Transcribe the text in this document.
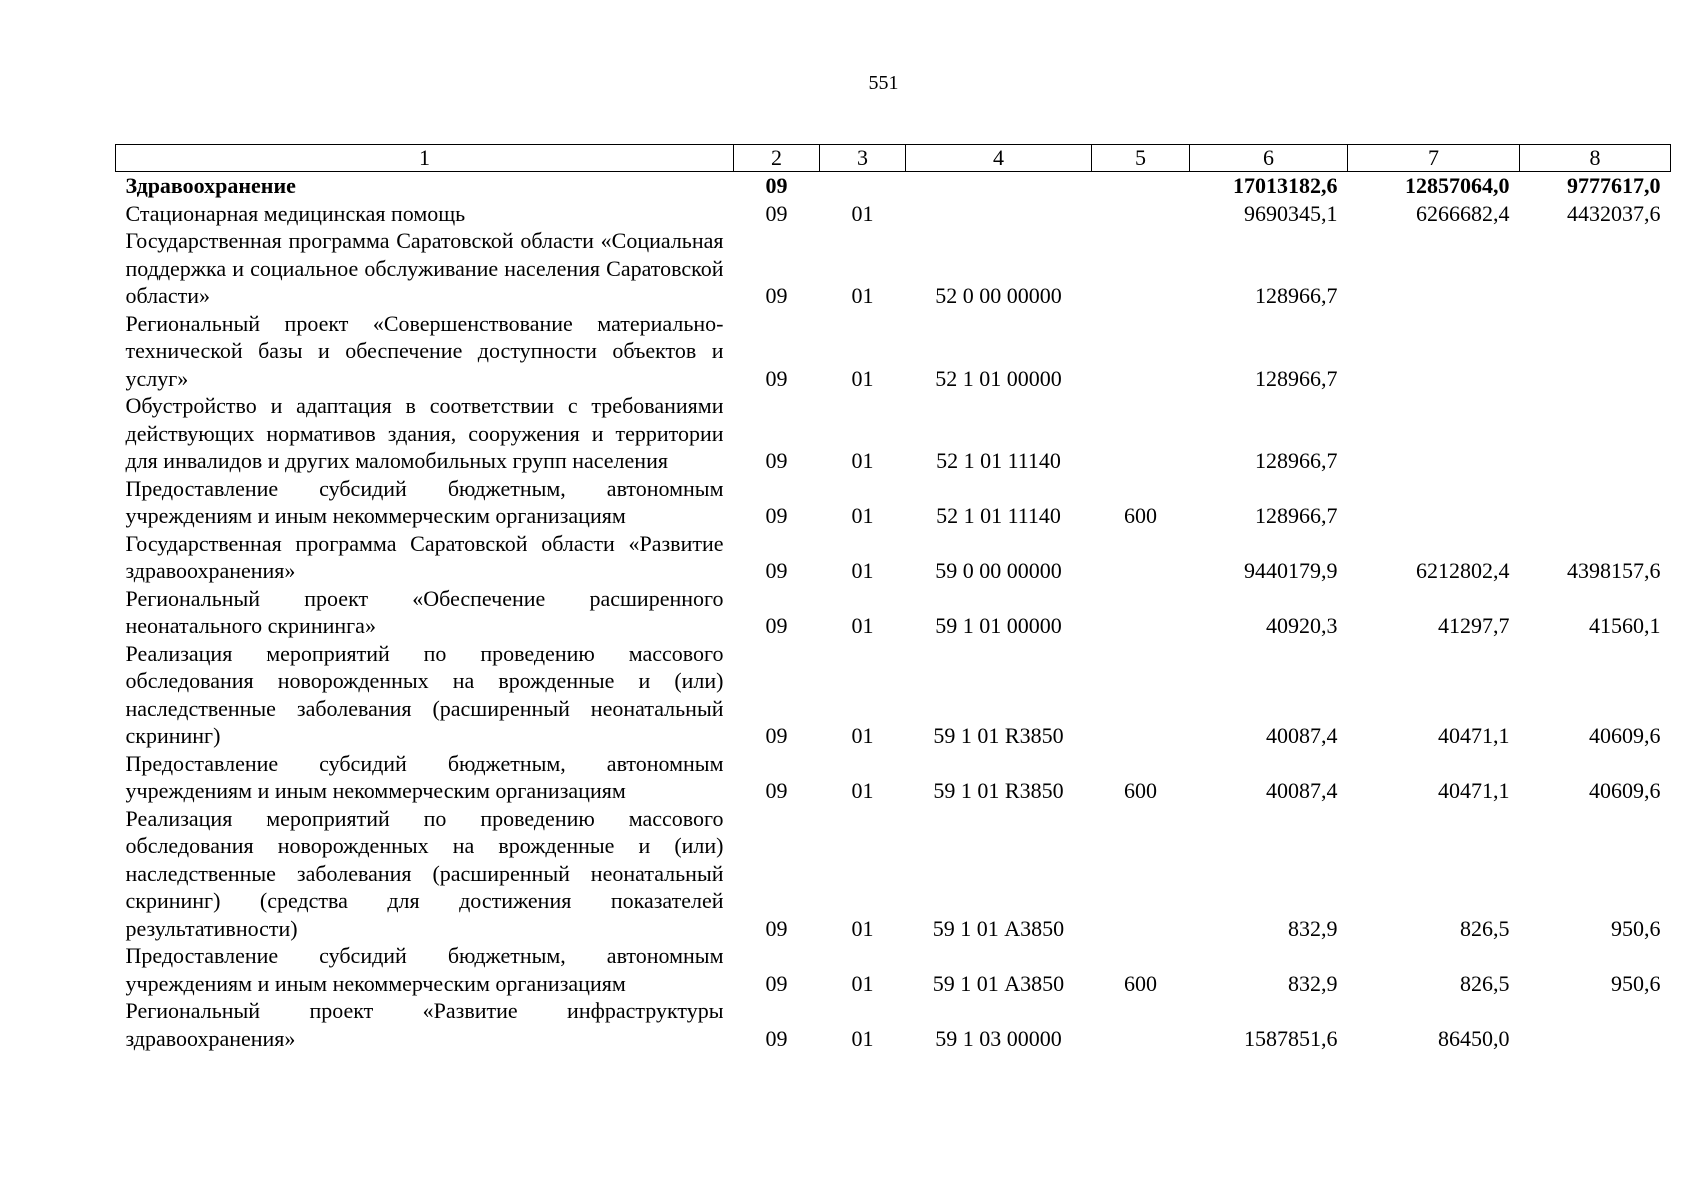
551
1	2	3	4	5	6	7	8
Здравоохранение	09				17013182,6	12857064,0	9777617,0
Стационарная медицинская помощь	09	01			9690345,1	6266682,4	4432037,6
Государственная программа Саратовской области «Социальная поддержка и социальное обслуживание населения Саратовской области»	09	01	52 0 00 00000		128966,7		
Региональный проект «Совершенствование материально-технической базы и обеспечение доступности объектов и услуг»	09	01	52 1 01 00000		128966,7		
Обустройство и адаптация в соответствии с требованиями действующих нормативов здания, сооружения и территории для инвалидов и других маломобильных групп населения	09	01	52 1 01 11140		128966,7		
Предоставление субсидий бюджетным, автономным учреждениям и иным некоммерческим организациям	09	01	52 1 01 11140	600	128966,7		
Государственная программа Саратовской области «Развитие здравоохранения»	09	01	59 0 00 00000		9440179,9	6212802,4	4398157,6
Региональный проект «Обеспечение расширенного неонатального скрининга»	09	01	59 1 01 00000		40920,3	41297,7	41560,1
Реализация мероприятий по проведению массового обследования новорожденных на врожденные и (или) наследственные заболевания (расширенный неонатальный скрининг)	09	01	59 1 01 R3850		40087,4	40471,1	40609,6
Предоставление субсидий бюджетным, автономным учреждениям и иным некоммерческим организациям	09	01	59 1 01 R3850	600	40087,4	40471,1	40609,6
Реализация мероприятий по проведению массового обследования новорожденных на врожденные и (или) наследственные заболевания (расширенный неонатальный скрининг) (средства для достижения показателей результативности)	09	01	59 1 01 А3850		832,9	826,5	950,6
Предоставление субсидий бюджетным, автономным учреждениям и иным некоммерческим организациям	09	01	59 1 01 А3850	600	832,9	826,5	950,6
Региональный проект «Развитие инфраструктуры здравоохранения»	09	01	59 1 03 00000		1587851,6	86450,0	
